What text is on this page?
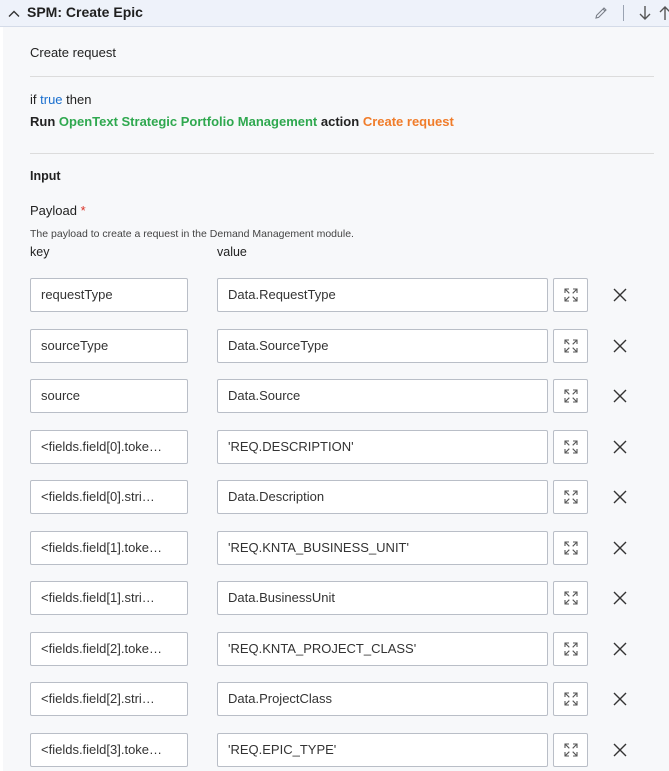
SPM: Create Epic
Create request
if true then
Run OpenText Strategic Portfolio Management action Create request
Input
Payload *
The payload to create a request in the Demand Management module.
key	value
requestType	Data.RequestType
sourceType	Data.SourceType
source	Data.Source
<fields.field[0].toke…	'REQ.DESCRIPTION'
<fields.field[0].stri…	Data.Description
<fields.field[1].toke…	'REQ.KNTA_BUSINESS_UNIT'
<fields.field[1].stri…	Data.BusinessUnit
<fields.field[2].toke…	'REQ.KNTA_PROJECT_CLASS'
<fields.field[2].stri…	Data.ProjectClass
<fields.field[3].toke…	'REQ.EPIC_TYPE'
